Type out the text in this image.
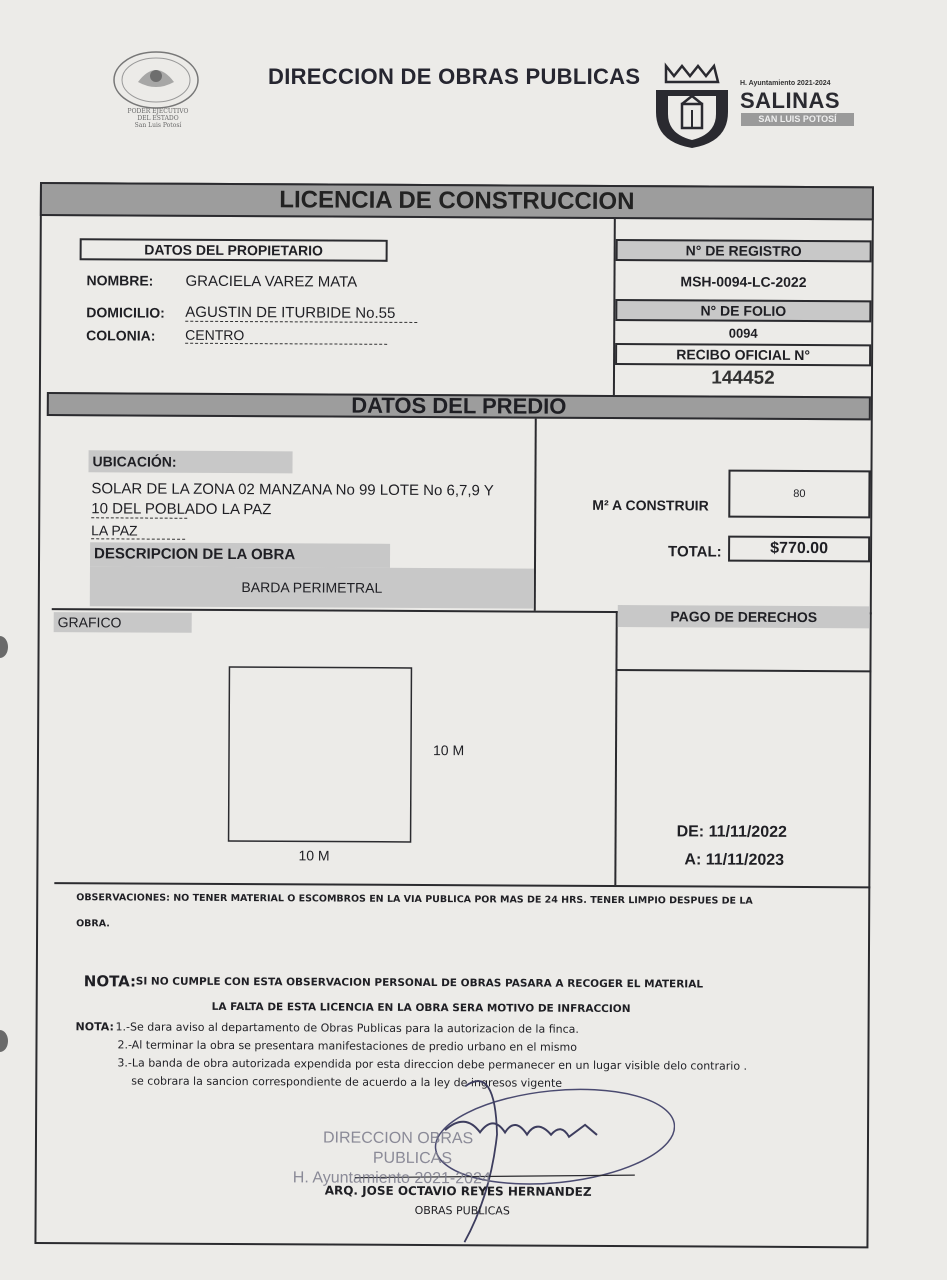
PODER EJECUTIVO
DEL ESTADO
San Luis Potosí
DIRECCION DE OBRAS PUBLICAS	H. Ayuntamiento 2021-2024
SALINAS
SAN LUIS POTOSÍ
LICENCIA DE CONSTRUCCION
DATOS DEL PROPIETARIO
NOMBRE: GRACIELA VAREZ MATA
DOMICILIO: AGUSTIN DE ITURBIDE No.55
COLONIA: CENTRO
N° DE REGISTRO
MSH-0094-LC-2022
N° DE FOLIO
0094
RECIBO OFICIAL N°
144452
DATOS DEL PREDIO
UBICACIÓN:
SOLAR DE LA ZONA 02 MANZANA No 99 LOTE No 6,7,9 Y
10 DEL POBLADO LA PAZ
LA PAZ
DESCRIPCION DE LA OBRA
BARDA PERIMETRAL
M² A CONSTRUIR
80
TOTAL:	$770.00
GRAFICO
10 M
10 M
PAGO DE DERECHOS
DE: 11/11/2022
A: 11/11/2023
OBSERVACIONES: NO TENER MATERIAL O ESCOMBROS EN LA VIA PUBLICA POR MAS DE 24 HRS. TENER LIMPIO DESPUES DE LA
OBRA.
NOTA: SI NO CUMPLE CON ESTA OBSERVACION PERSONAL DE OBRAS PASARA A RECOGER EL MATERIAL
LA FALTA DE ESTA LICENCIA EN LA OBRA SERA MOTIVO DE INFRACCION
NOTA: 1.-Se dara aviso al departamento de Obras Publicas para la autorizacion de la finca.
2.-Al terminar la obra se presentara manifestaciones de predio urbano en el mismo
3.-La banda de obra autorizada expendida por esta direccion debe permanecer en un lugar visible delo contrario .
se cobrara la sancion correspondiente de acuerdo a la ley de ingresos vigente
DIRECCION OBRAS
PUBLICAS
H. Ayuntamiento 2021-2024
ARQ. JOSE OCTAVIO REYES HERNANDEZ
OBRAS PUBLICAS
